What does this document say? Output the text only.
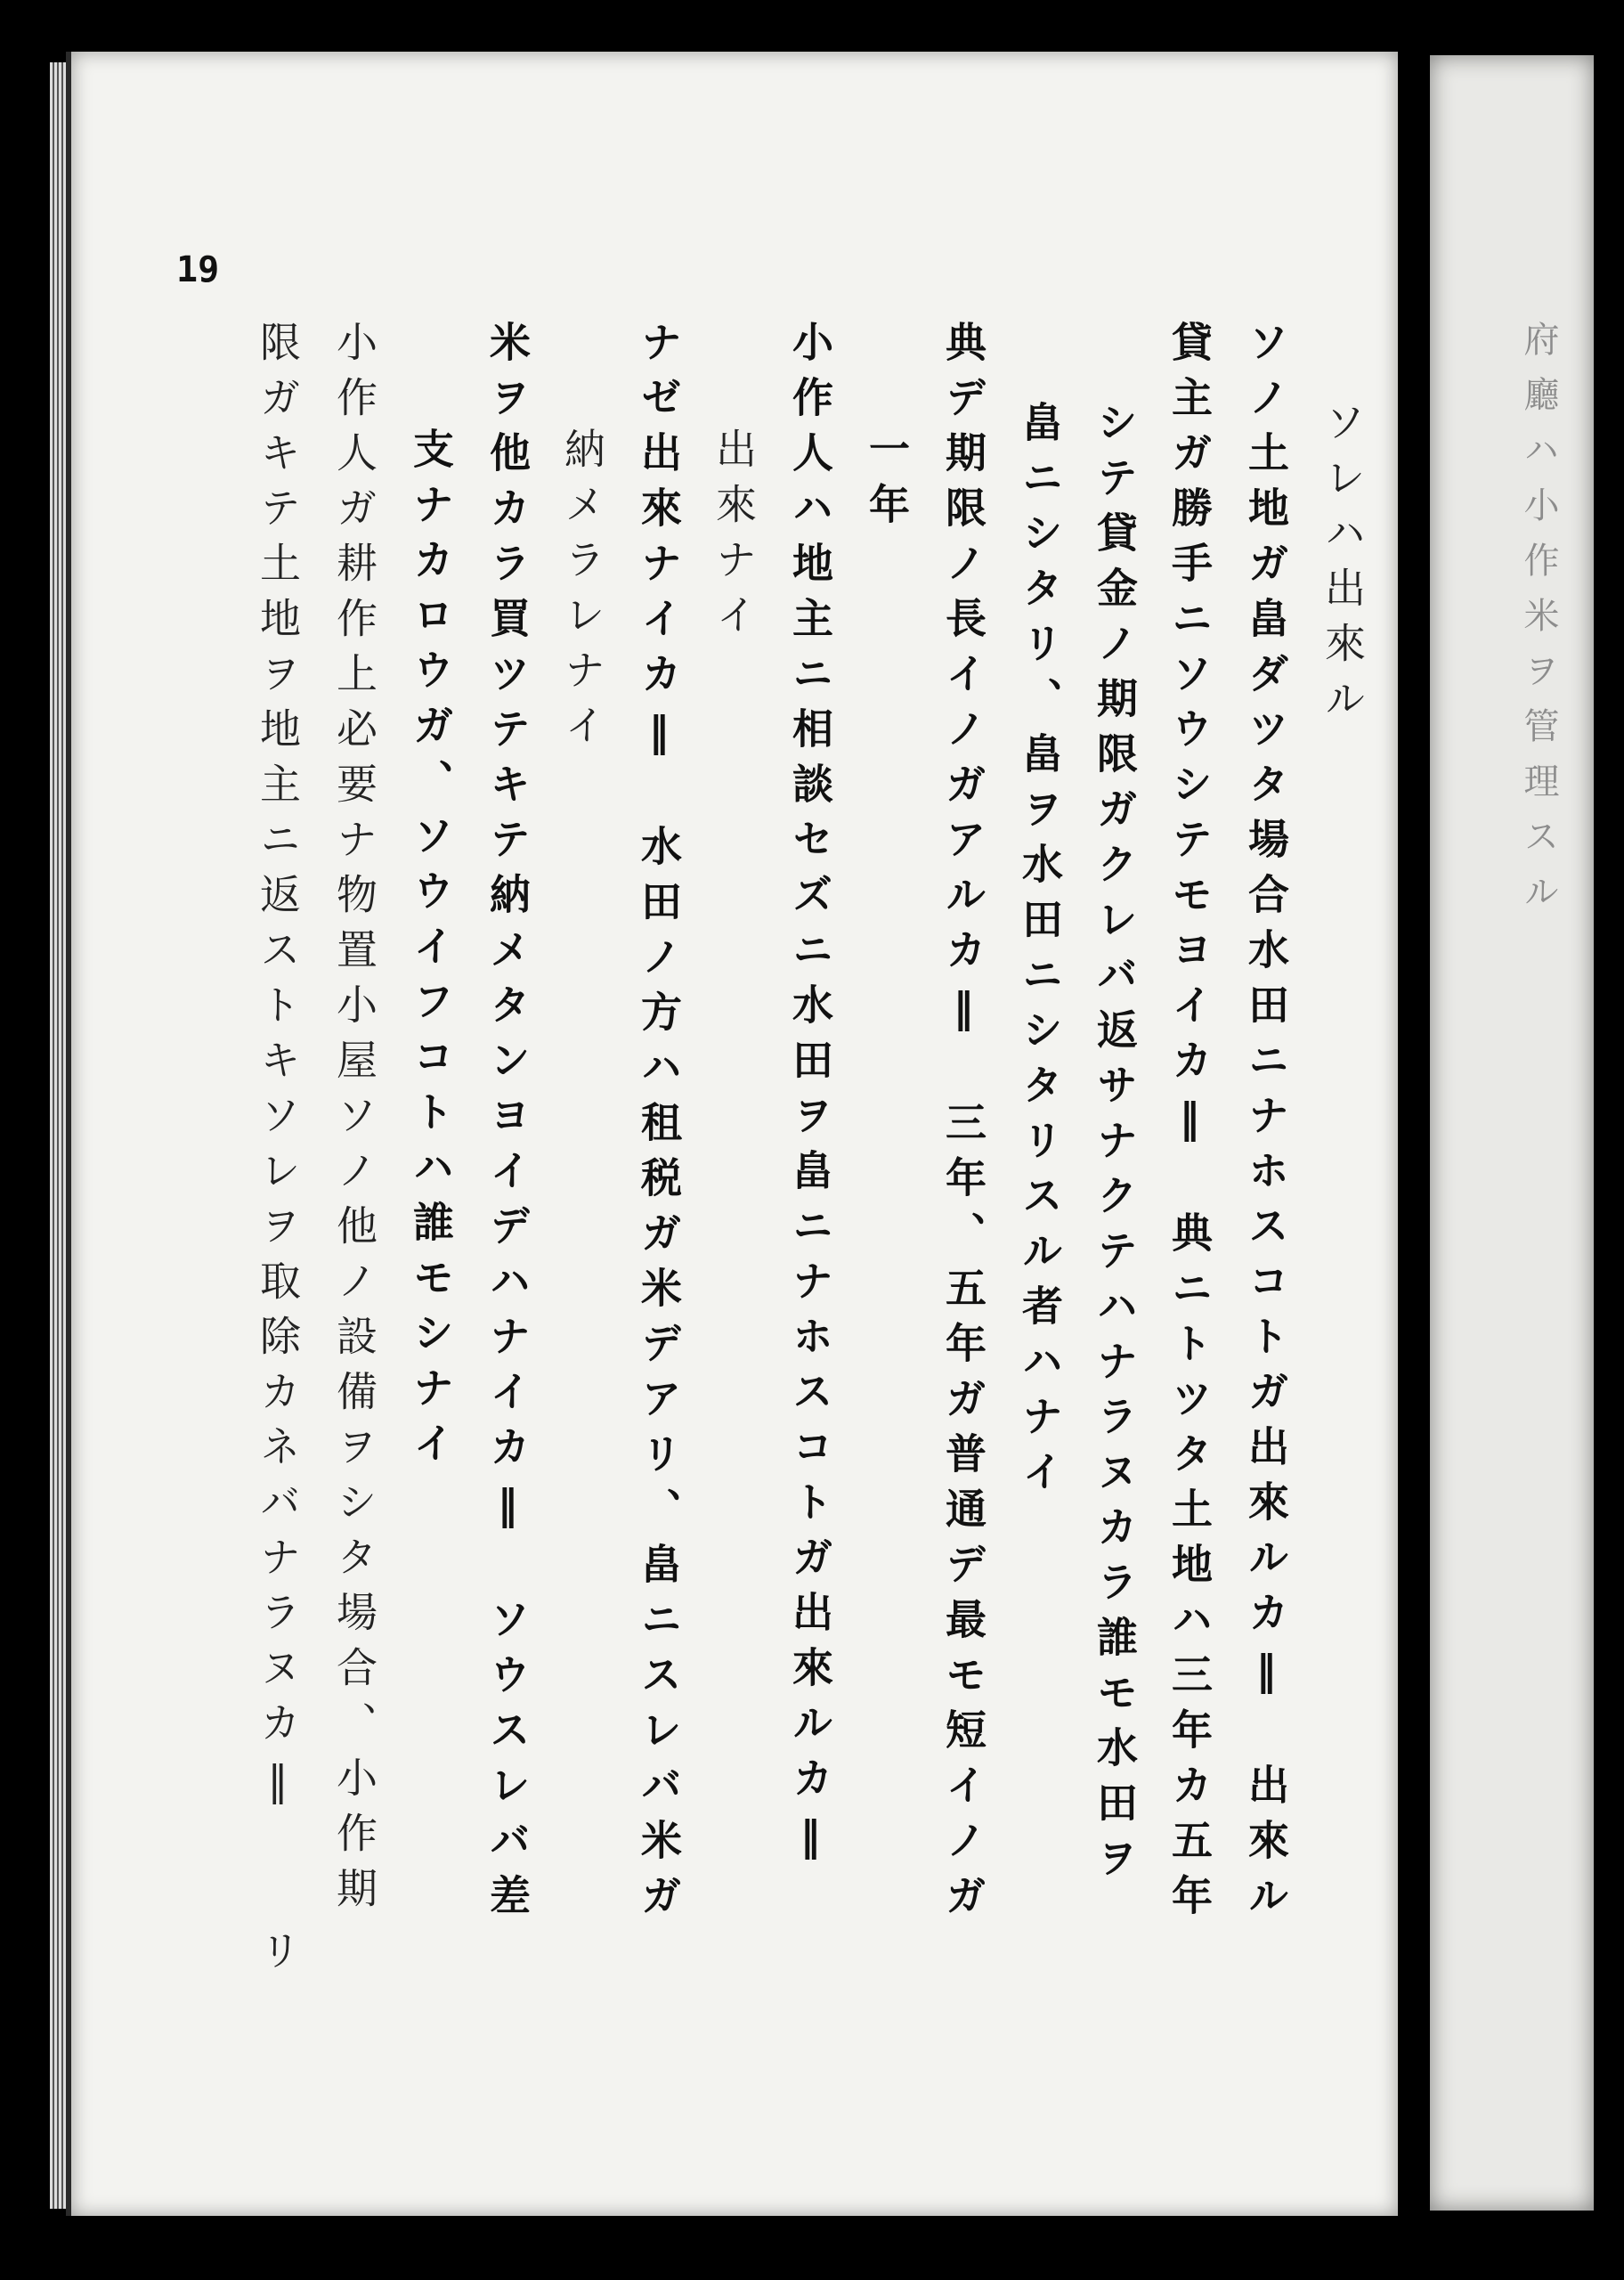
府廳ハ小作米ヲ管理スル
19
ソレハ出來ル
ソノ土地ガ畠ダツタ場合水田ニナホスコトガ出來ルカ‖　出來ル
貸主ガ勝手ニソウシテモヨイカ‖　典ニトツタ土地ハ三年カ五年
シテ貸金ノ期限ガクレバ返サナクテハナラヌカラ誰モ水田ヲ
畠ニシタリ、畠ヲ水田ニシタリスル者ハナイ
典デ期限ノ長イノガアルカ‖　三年、五年ガ普通デ最モ短イノガ
一年
小作人ハ地主ニ相談セズニ水田ヲ畠ニナホスコトガ出來ルカ‖
出來ナイ
ナゼ出來ナイカ‖　水田ノ方ハ租税ガ米デアリ、畠ニスレバ米ガ
納メラレナイ
米ヲ他カラ買ツテキテ納メタンヨイデハナイカ‖　ソウスレバ差
支ナカロウガ、ソウイフコトハ誰モシナイ
小作人ガ耕作上必要ナ物置小屋ソノ他ノ設備ヲシタ場合、小作期
限ガキテ土地ヲ地主ニ返ストキソレヲ取除カネバナラヌカ‖　　リ
